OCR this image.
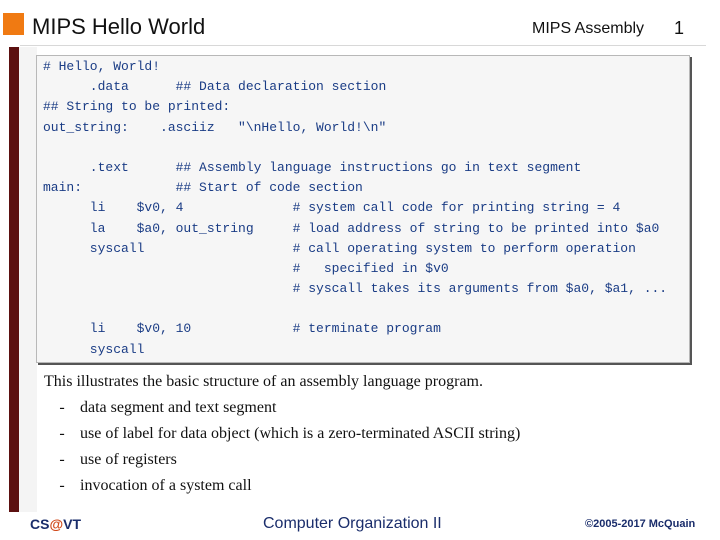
MIPS Hello World	MIPS Assembly 1
# Hello, World!
.data      ## Data declaration section
## String to be printed:
out_string:    .asciiz   "\nHello, World!\n"
.text      ## Assembly language instructions go in text segment
main:            ## Start of code section
li    $v0, 4              # system call code for printing string = 4
la    $a0, out_string     # load address of string to be printed into $a0
syscall                   # call operating system to perform operation
#   specified in $v0
# syscall takes its arguments from $a0, $a1, ...
li    $v0, 10             # terminate program
syscall
This illustrates the basic structure of an assembly language program.
- data segment and text segment
- use of label for data object (which is a zero-terminated ASCII string)
- use of registers
- invocation of a system call
CS@VT	Computer Organization II	©2005-2017 McQuain
